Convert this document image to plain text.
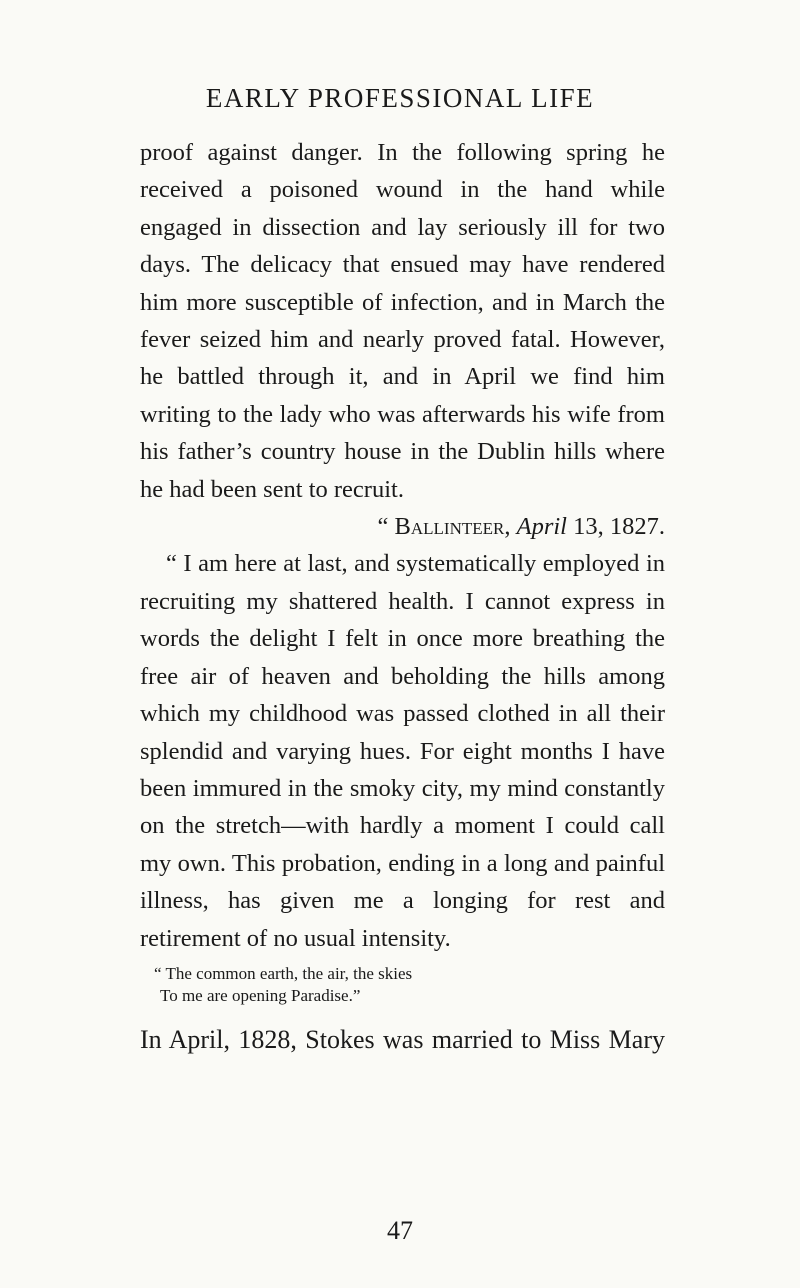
EARLY PROFESSIONAL LIFE

proof against danger. In the following spring he received a poisoned wound in the hand while engaged in dissection and lay seriously ill for two days. The delicacy that ensued may have rendered him more susceptible of infection, and in March the fever seized him and nearly proved fatal. However, he battled through it, and in April we find him writing to the lady who was afterwards his wife from his father’s country house in the Dublin hills where he had been sent to recruit.

“ Ballinteer, April 13, 1827.

“ I am here at last, and systematically employed in recruiting my shattered health. I cannot express in words the delight I felt in once more breathing the free air of heaven and beholding the hills among which my childhood was passed clothed in all their splendid and varying hues. For eight months I have been immured in the smoky city, my mind constantly on the stretch—with hardly a moment I could call my own. This probation, ending in a long and painful illness, has given me a longing for rest and retirement of no usual intensity.

“ The common earth, the air, the skies
To me are opening Paradise.”

In April, 1828, Stokes was married to Miss Mary

47
